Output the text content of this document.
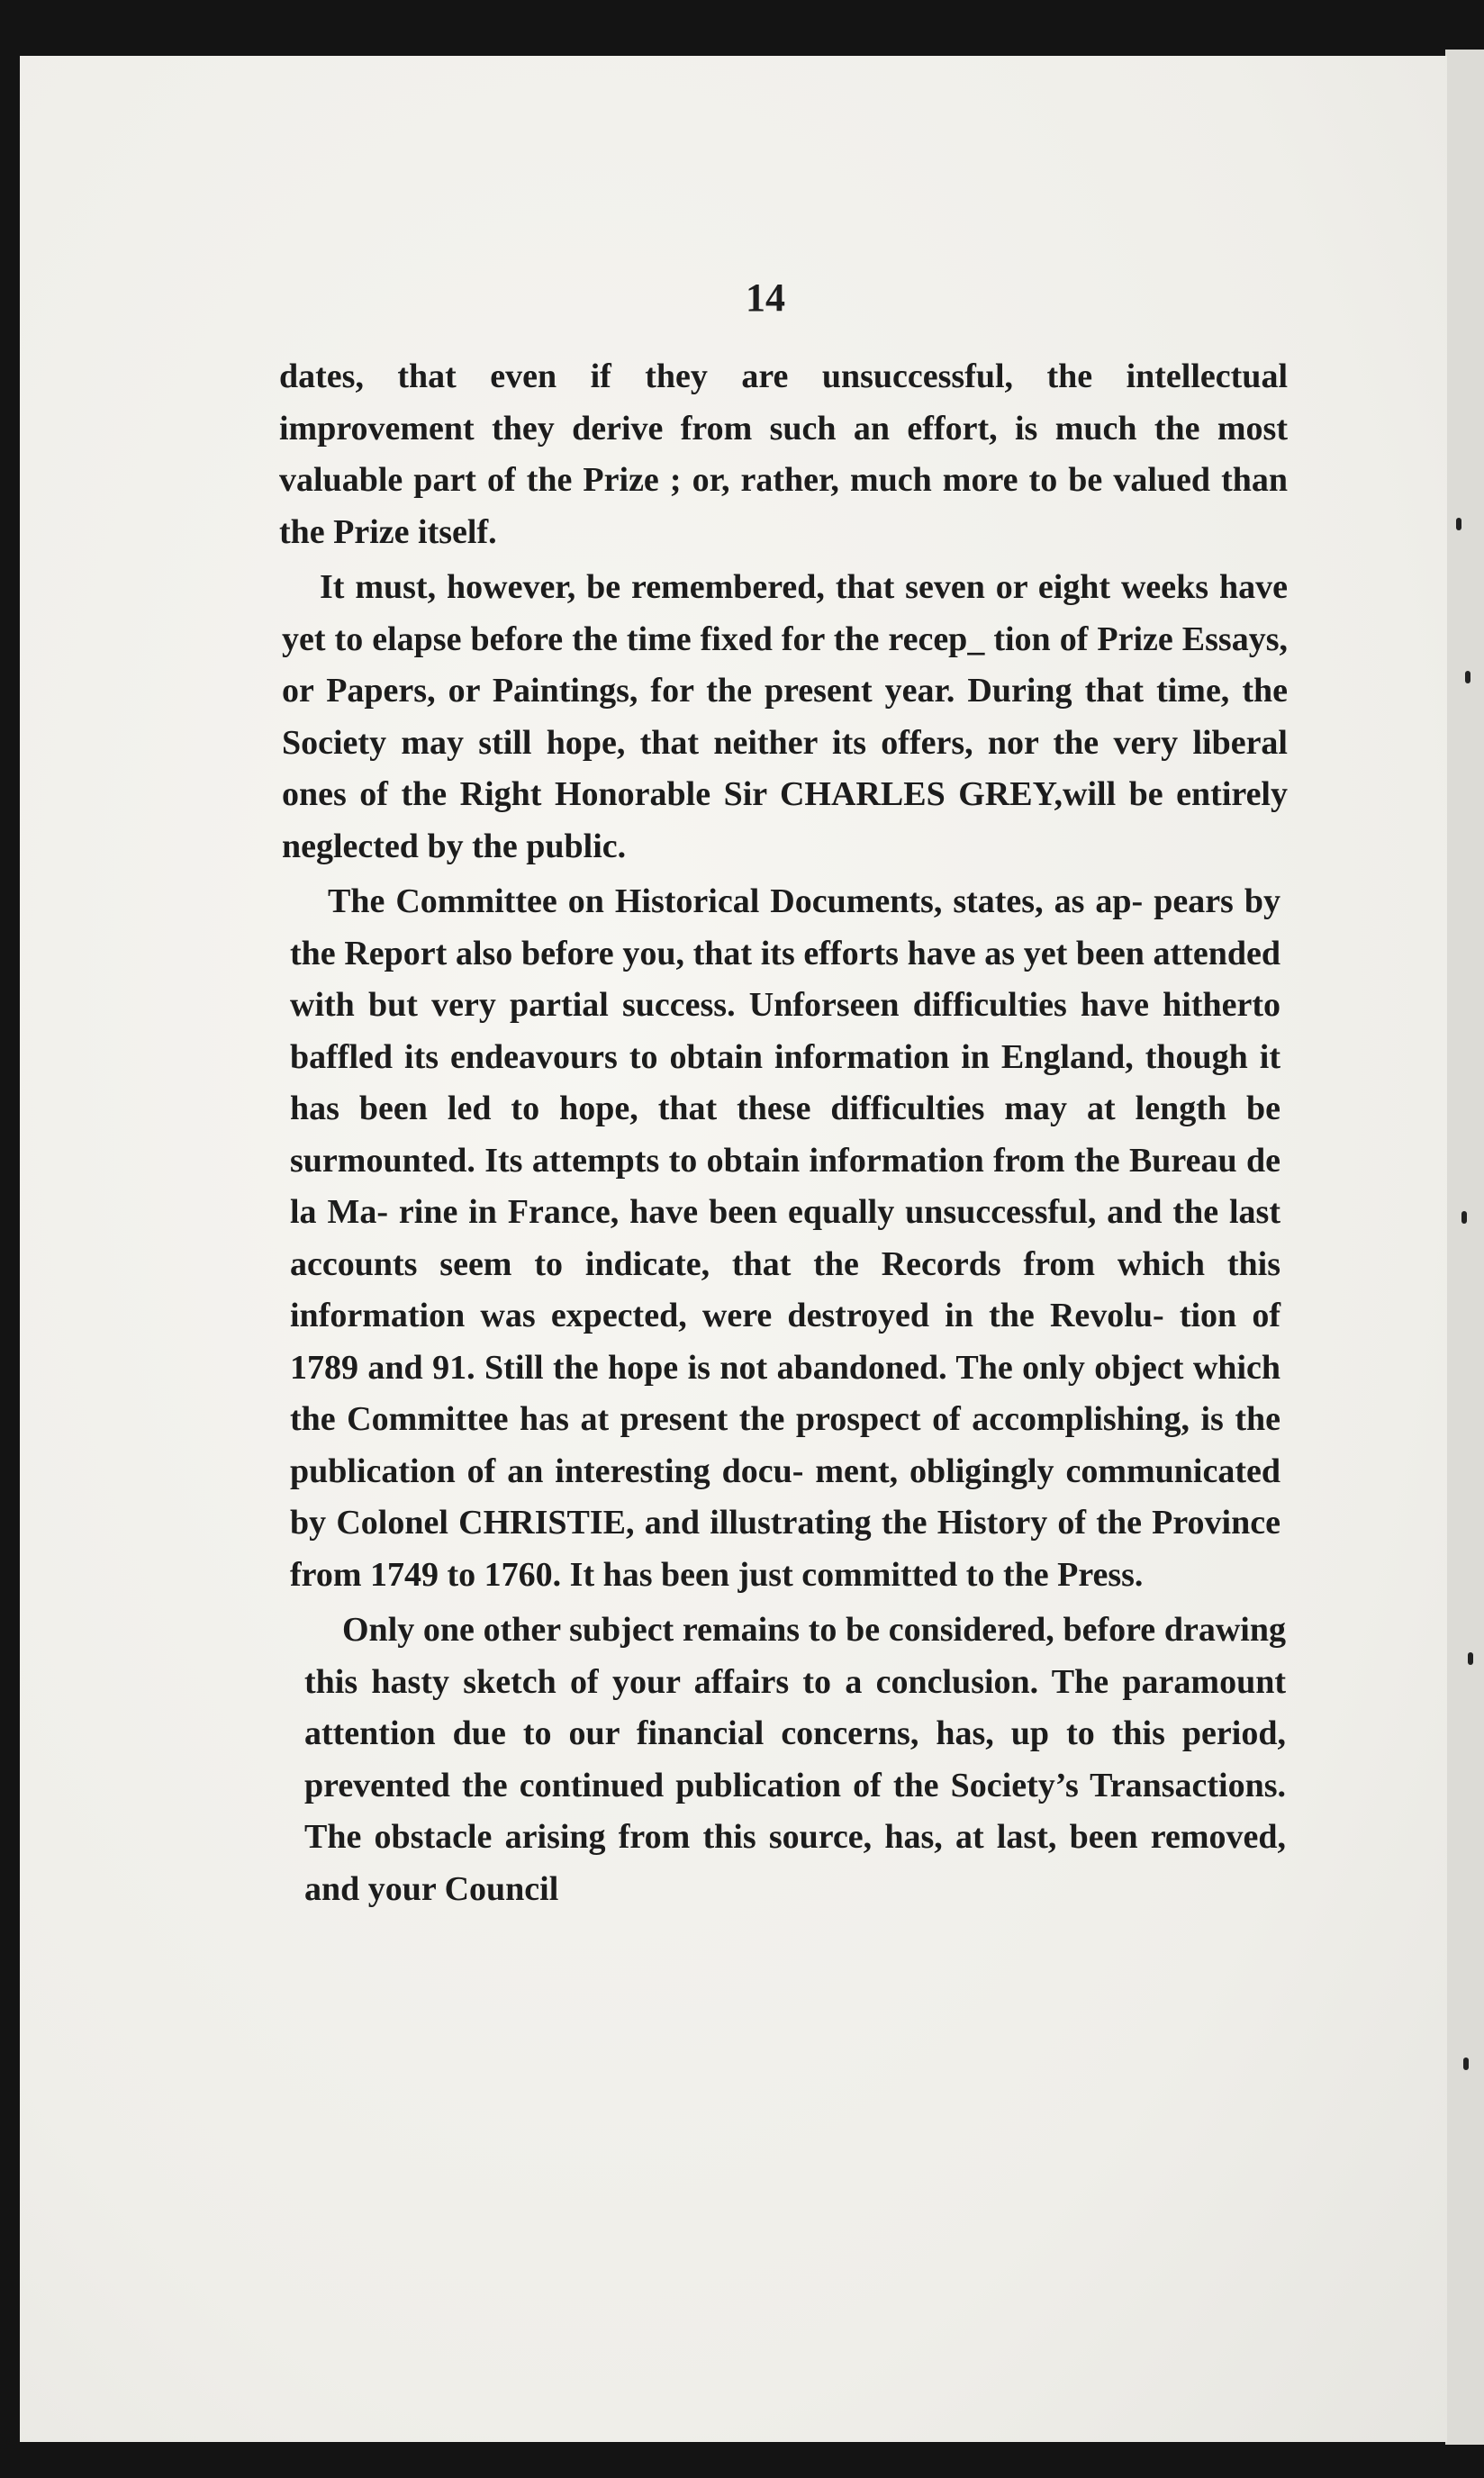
14

dates, that even if they are unsuccessful, the intellectual improvement they derive from such an effort, is much the most valuable part of the Prize ; or, rather, much more to be valued than the Prize itself.

It must, however, be remembered, that seven or eight weeks have yet to elapse before the time fixed for the recep_ tion of Prize Essays, or Papers, or Paintings, for the present year. During that time, the Society may still hope, that neither its offers, nor the very liberal ones of the Right Honorable Sir CHARLES GREY,will be entirely neglected by the public.

The Committee on Historical Documents, states, as ap- pears by the Report also before you, that its efforts have as yet been attended with but very partial success. Unforseen difficulties have hitherto baffled its endeavours to obtain information in England, though it has been led to hope, that these difficulties may at length be surmounted. Its attempts to obtain information from the Bureau de la Ma- rine in France, have been equally unsuccessful, and the last accounts seem to indicate, that the Records from which this information was expected, were destroyed in the Revolu- tion of 1789 and 91. Still the hope is not abandoned. The only object which the Committee has at present the prospect of accomplishing, is the publication of an interesting docu- ment, obligingly communicated by Colonel CHRISTIE, and illustrating the History of the Province from 1749 to 1760. It has been just committed to the Press.

Only one other subject remains to be considered, before drawing this hasty sketch of your affairs to a conclusion. The paramount attention due to our financial concerns, has, up to this period, prevented the continued publication of the Society’s Transactions. The obstacle arising from this source, has, at last, been removed, and your Council
